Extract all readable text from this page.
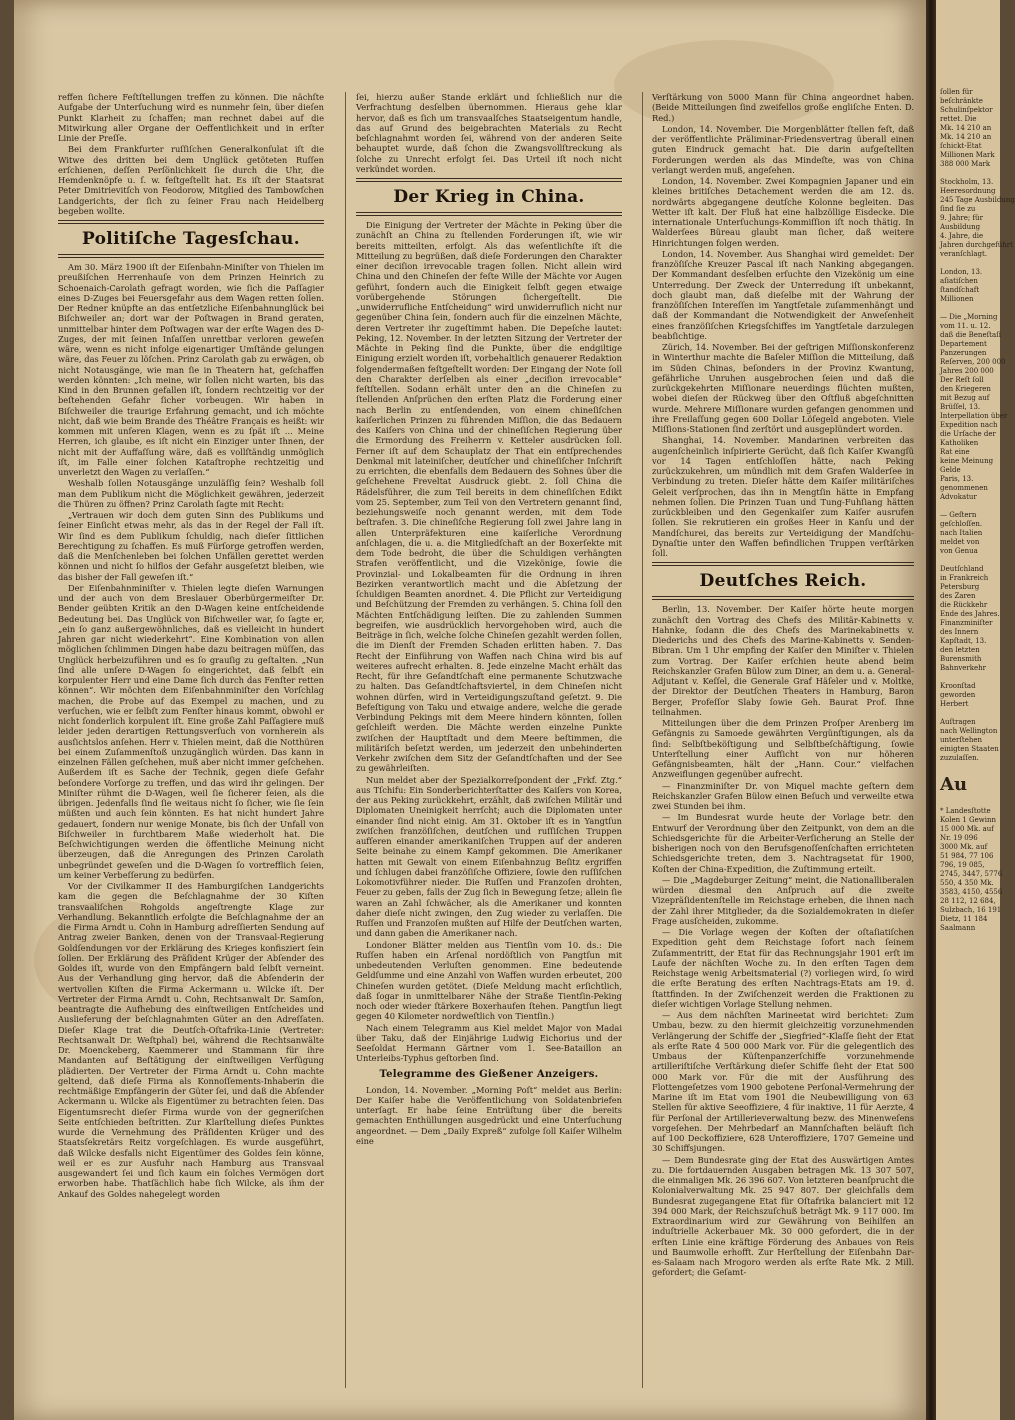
reffen ſichere Feſtſtellungen treffen zu können. Die nächſte Aufgabe der Unterſuchung wird es nunmehr ſein, über dieſen Punkt Klarheit zu ſchaffen; man rechnet dabei auf die Mitwirkung aller Organe der Oeffentlichkeit und in erſter Linie der Preſſe.

Bei dem Frankfurter ruſſiſchen Generalkonſulat iſt die Witwe des dritten bei dem Unglück getöteten Ruſſen erſchienen, deſſen Perſönlichkeit ſie durch die Uhr, die Hemdenknöpfe u. ſ. w. feſtgeſtellt hat. Es iſt der Staatsrat Peter Dmitrievitſch von Feodorow, Mitglied des Tambowſchen Landgerichts, der ſich zu ſeiner Frau nach Heidelberg begeben wollte.

Politiſche Tagesſchau.

Am 30. März 1900 iſt der Eiſenbahn-Miniſter von Thielen im preußiſchen Herrenhauſe von dem Prinzen Heinrich zu Schoenaich-Carolath gefragt worden, wie ſich die Paſſagier eines D-Zuges bei Feuersgefahr aus dem Wagen retten ſollen. Der Redner knüpfte an das entſetzliche Eiſenbahnunglück bei Biſchweiler an; dort war der Poſtwagen in Brand geraten, unmittelbar hinter dem Poſtwagen war der erſte Wagen des D-Zuges, der mit ſeinen Inſaſſen unrettbar verloren geweſen wäre, wenn es nicht infolge eigenartiger Umſtände gelungen wäre, das Feuer zu löſchen. Prinz Carolath gab zu erwägen, ob nicht Notausgänge, wie man ſie in Theatern hat, geſchaffen werden könnten: „Ich meine, wir ſollen nicht warten, bis das Kind in den Brunnen gefallen iſt, ſondern rechtzeitig vor der beſtehenden Gefahr ſicher vorbeugen. Wir haben in Biſchweiler die traurige Erfahrung gemacht, und ich möchte nicht, daß wie beim Brande des Théâtre Français es heißt: wir kommen mit unſeren Klagen, wenn es zu ſpät iſt ... Meine Herren, ich glaube, es iſt nicht ein Einziger unter Ihnen, der nicht mit der Auffaſſung wäre, daß es vollſtändig unmöglich iſt, im Falle einer ſolchen Kataſtrophe rechtzeitig und unverletzt den Wagen zu verlaſſen.“

Weshalb ſollen Notausgänge unzuläſſig ſein? Weshalb ſoll man dem Publikum nicht die Möglichkeit gewähren, jederzeit die Thüren zu öffnen? Prinz Carolath ſagte mit Recht:

„Vertrauen wir doch dem guten Sinn des Publikums und ſeiner Einſicht etwas mehr, als das in der Regel der Fall iſt. Wir ſind es dem Publikum ſchuldig, nach dieſer ſittlichen Berechtigung zu ſchaffen. Es muß Fürſorge getroffen werden, daß die Menſchenleben bei ſolchen Unfällen gerettet werden können und nicht ſo hilflos der Gefahr ausgeſetzt bleiben, wie das bisher der Fall geweſen iſt.“

Der Eiſenbahnminiſter v. Thielen legte dieſen Warnungen und der auch von dem Breslauer Oberbürgermeiſter Dr. Bender geübten Kritik an den D-Wagen keine entſcheidende Bedeutung bei. Das Unglück von Biſchweiler war, ſo ſagte er, „ein ſo ganz außergewöhnliches, daß es vielleicht in hundert Jahren gar nicht wiederkehrt“. Eine Kombination von allen möglichen ſchlimmen Dingen habe dazu beitragen müſſen, das Unglück herbeizuführen und es ſo grauſig zu geſtalten. „Nun ſind alle unſere D-Wagen ſo eingerichtet, daß ſelbſt ein korpulenter Herr und eine Dame ſich durch das Fenſter retten können“. Wir möchten dem Eiſenbahnminiſter den Vorſchlag machen, die Probe auf das Exempel zu machen, und zu verſuchen, wie er ſelbſt zum Fenſter hinaus kommt, obwohl er nicht ſonderlich korpulent iſt. Eine große Zahl Paſſagiere muß leider jeden derartigen Rettungsverſuch von vornherein als ausſichtslos anſehen. Herr v. Thielen meint, daß die Notthüren bei einem Zuſammenſtoß unzugänglich würden. Das kann in einzelnen Fällen geſchehen, muß aber nicht immer geſchehen. Außerdem iſt es Sache der Technik, gegen dieſe Gefahr beſondere Vorſorge zu treffen, und das wird ihr gelingen. Der Miniſter rühmt die D-Wagen, weil ſie ſicherer ſeien, als die übrigen. Jedenfalls ſind ſie weitaus nicht ſo ſicher, wie ſie ſein müßten und auch ſein könnten. Es hat nicht hundert Jahre gedauert, ſondern nur wenige Monate, bis ſich der Unfall von Biſchweiler in furchtbarem Maße wiederholt hat. Die Beſchwichtigungen werden die öffentliche Meinung nicht überzeugen, daß die Anregungen des Prinzen Carolath unbegründet geweſen und die D-Wagen ſo vortrefflich ſeien, um keiner Verbeſſerung zu bedürfen.

Vor der Civilkammer II des Hamburgiſchen Landgerichts kam die gegen die Beſchlagnahme der 30 Kiſten transvaaliſchen Rohgolds angeſtrengte Klage zur Verhandlung. Bekanntlich erfolgte die Beſchlagnahme der an die Firma Arndt u. Cohn in Hamburg adreſſierten Sendung auf Antrag zweier Banken, denen von der Transvaal-Regierung Goldſendungen vor der Erklärung des Krieges konfisziert ſein ſollen. Der Erklärung des Präſident Krüger der Abſender des Goldes iſt, wurde von den Empfängern bald ſelbſt verneint. Aus der Verhandlung ging hervor, daß die Abſenderin der wertvollen Kiſten die Firma Ackermann u. Wilcke iſt. Der Vertreter der Firma Arndt u. Cohn, Rechtsanwalt Dr. Samſon, beantragte die Aufhebung des einſtweiligen Entſcheides und Auslieferung der beſchlagnahmten Güter an den Adreſſaten. Dieſer Klage trat die Deutſch-Oſtafrika-Linie (Vertreter: Rechtsanwalt Dr. Weſtphal) bei, während die Rechtsanwälte Dr. Moenckeberg, Kaemmerer und Stammann für ihre Mandanten auf Beſtätigung der einſtweiligen Verfügung plädierten. Der Vertreter der Firma Arndt u. Cohn machte geltend, daß dieſe Firma als Konnoſſements-Inhaberin die rechtmäßige Empfängerin der Güter ſei, und daß die Abſender Ackermann u. Wilcke als Eigentümer zu betrachten ſeien. Das Eigentumsrecht dieſer Firma wurde von der gegneriſchen Seite entſchieden beſtritten. Zur Klarſtellung dieſes Punktes wurde die Vernehmung des Präſidenten Krüger und des Staatsſekretärs Reitz vorgeſchlagen. Es wurde ausgeführt, daß Wilcke desfalls nicht Eigentümer des Goldes ſein könne, weil er es zur Ausfuhr nach Hamburg aus Transvaal ausgewandert ſei und ſich kaum ein ſolches Vermögen dort erworben habe. Thatſächlich habe ſich Wilcke, als ihm der Ankauf des Goldes nahegelegt worden

ſei, hierzu außer Stande erklärt und ſchließlich nur die Verfrachtung desſelben übernommen. Hieraus gehe klar hervor, daß es ſich um transvaalſches Staatseigentum handle, das auf Grund des beigebrachten Materials zu Recht beſchlagnahmt worden ſei, während von der anderen Seite behauptet wurde, daß ſchon die Zwangsvollſtreckung als ſolche zu Unrecht erfolgt ſei. Das Urteil iſt noch nicht verkündet worden.

Der Krieg in China.

Die Einigung der Vertreter der Mächte in Peking über die zunächſt an China zu ſtellenden Forderungen iſt, wie wir bereits mitteilten, erfolgt. Als das weſentlichſte iſt die Mitteilung zu begrüßen, daß dieſe Forderungen den Charakter einer deciſion irrevocable tragen ſollen. Nicht allein wird China und den Chineſen der feſte Wille der Mächte vor Augen geführt, ſondern auch die Einigkeit ſelbſt gegen etwaige vorübergehende Störungen ſichergeſtellt. Die „unwiderrufliche Entſcheidung“ wird unwiderruflich nicht nur gegenüber China ſein, ſondern auch für die einzelnen Mächte, deren Vertreter ihr zugeſtimmt haben. Die Depeſche lautet: Peking, 12. November. In der letzten Sitzung der Vertreter der Mächte in Peking ſind die Punkte, über die endgiltige Einigung erzielt worden iſt, vorbehaltlich genauerer Redaktion folgendermaßen feſtgeſtellt worden: Der Eingang der Note ſoll den Charakter derſelben als einer „deciſion irrevocable“ feſtſtellen. Sodann erhält unter den an die Chineſen zu ſtellenden Anſprüchen den erſten Platz die Forderung einer nach Berlin zu entſendenden, von einem chineſiſchen kaiſerlichen Prinzen zu führenden Miſſion, die das Bedauern des Kaiſers von China und der chineſiſchen Regierung über die Ermordung des Freiherrn v. Ketteler ausdrücken ſoll. Ferner iſt auf dem Schauplatz der That ein entſprechendes Denkmal mit lateiniſcher, deutſcher und chineſiſcher Inſchrift zu errichten, die ebenfalls dem Bedauern des Sohnes über die geſchehene Freveltat Ausdruck giebt. 2. ſoll China die Rädelsführer, die zum Teil bereits in dem chineſiſchen Edikt vom 25. September, zum Teil von den Vertretern genannt ſind, beziehungsweiſe noch genannt werden, mit dem Tode beſtrafen. 3. Die chineſiſche Regierung ſoll zwei Jahre lang in allen Unterpräfekturen eine kaiſerliche Verordnung anſchlagen, die u. a. die Mitgliedſchaft an der Boxerſekte mit dem Tode bedroht, die über die Schuldigen verhängten Strafen veröffentlicht, und die Vizekönige, ſowie die Provinzial- und Lokalbeamten für die Ordnung in ihren Bezirken verantwortlich macht und die Abſetzung der ſchuldigen Beamten anordnet. 4. Die Pflicht zur Verteidigung und Beſchützung der Fremden zu verhängen. 5. China ſoll den Mächten Entſchädigung leiſten. Die zu zahlenden Summen begreifen, wie ausdrücklich hervorgehoben wird, auch die Beiträge in ſich, welche ſolche Chineſen gezahlt werden ſollen, die im Dienſt der Fremden Schaden erlitten haben. 7. Das Recht der Einführung von Waffen nach China wird bis auf weiteres aufrecht erhalten. 8. Jede einzelne Macht erhält das Recht, für ihre Geſandtſchaft eine permanente Schutzwache zu halten. Das Geſandtſchaftsviertel, in dem Chineſen nicht wohnen dürfen, wird in Verteidigungszuſtand geſetzt. 9. Die Befeſtigung von Taku und etwaige andere, welche die gerade Verbindung Pekings mit dem Meere hindern könnten, ſollen geſchleift werden. Die Mächte werden einzelne Punkte zwiſchen der Hauptſtadt und dem Meere beſtimmen, die militäriſch beſetzt werden, um jederzeit den unbehinderten Verkehr zwiſchen dem Sitz der Geſandtſchaften und der See zu gewährleiſten.

Nun meldet aber der Spezialkorreſpondent der „Frkf. Ztg.“ aus Tſchifu: Ein Sonderberichterſtatter des Kaiſers von Korea, der aus Peking zurückkehrt, erzählt, daß zwiſchen Militär und Diplomaten Uneinigkeit herrſcht; auch die Diplomaten unter einander ſind nicht einig. Am 31. Oktober iſt es in Yangtſun zwiſchen franzöſiſchen, deutſchen und ruſſiſchen Truppen aufſeren einander amerikaniſchen Truppen auf der anderen Seite beinahe zu einem Kampf gekommen. Die Amerikaner hatten mit Gewalt von einem Eiſenbahnzug Beſitz ergriffen und ſchlugen dabei franzöſiſche Offiziere, ſowie den ruſſiſchen Lokomotivführer nieder. Die Ruſſen und Franzoſen drohten, Feuer zu geben, falls der Zug ſich in Bewegung ſetze; allein ſie waren an Zahl ſchwächer, als die Amerikaner und konnten daher dieſe nicht zwingen, den Zug wieder zu verlaſſen. Die Ruſſen und Franzoſen mußten auf Hilfe der Deutſchen warten, und dann gaben die Amerikaner nach.

Londoner Blätter melden aus Tientſin vom 10. ds.: Die Ruſſen haben ein Arſenal nordöſtlich von Pangtſun mit unbedeutenden Verluſten genommen. Eine bedeutende Geldſumme und eine Anzahl von Waffen wurden erbeutet, 200 Chineſen wurden getötet. (Dieſe Meldung macht erſichtlich, daß ſogar in unmittelbarer Nähe der Straße Tientſin-Peking noch oder wieder ſtärkere Boxerhaufen ſtehen. Pangtſun liegt gegen 40 Kilometer nordweſtlich von Tientſin.)

Nach einem Telegramm aus Kiel meldet Major von Madai über Taku, daß der Einjährige Ludwig Eichorius und der Seeſoldat Hermann Gärtner vom 1. See-Bataillon an Unterleibs-Typhus geſtorben ſind.

Telegramme des Gießener Anzeigers.

London, 14. November. „Morning Poſt“ meldet aus Berlin: Der Kaiſer habe die Veröffentlichung von Soldatenbriefen unterſagt. Er habe ſeine Entrüſtung über die bereits gemachten Enthüllungen ausgedrückt und eine Unterſuchung angeordnet. — Dem „Daily Expreß“ zufolge ſoll Kaiſer Wilhelm eine

Verſtärkung von 5000 Mann für China angeordnet haben. (Beide Mitteilungen ſind zweifellos große engliſche Enten. D. Red.)

London, 14. November. Die Morgenblätter ſtellen feſt, daß der veröffentlichte Präliminar-Friedensvertrag überall einen guten Eindruck gemacht hat. Die darin aufgeſtellten Forderungen werden als das Mindeſte, was von China verlangt werden muß, angeſehen.

London, 14. November. Zwei Kompagnien Japaner und ein kleines britiſches Detachement werden die am 12. ds. nordwärts abgegangene deutſche Kolonne begleiten. Das Wetter iſt kalt. Der Fluß hat eine halbzöllige Eisdecke. Die internationale Unterſuchungs-Kommiſſion iſt noch thätig. In Walderſees Büreau glaubt man ſicher, daß weitere Hinrichtungen folgen werden.

London, 14. November. Aus Shanghai wird gemeldet: Der franzöſiſche Kreuzer Pascal iſt nach Nanking abgegangen. Der Kommandant desſelben erſuchte den Vizekönig um eine Unterredung. Der Zweck der Unterredung iſt unbekannt, doch glaubt man, daß dieſelbe mit der Wahrung der franzöſiſchen Intereſſen im Yangtſetale zuſammenhängt und daß der Kommandant die Notwendigkeit der Anweſenheit eines franzöſiſchen Kriegsſchiffes im Yangtſetale darzulegen beabſichtige.

Zürich, 14. November. Bei der geſtrigen Miſſionskonferenz in Winterthur machte die Baſeler Miſſion die Mitteilung, daß im Süden Chinas, beſonders in der Provinz Kwantung, gefährliche Unruhen ausgebrochen ſeien und daß die zurückgekehrten Miſſionare neuerdings flüchten mußten, wobei dieſen der Rückweg über den Oſtfluß abgeſchnitten wurde. Mehrere Miſſionare wurden gefangen genommen und ihre Freilaſſung gegen 600 Dollar Löſegeld angeboten. Viele Miſſions-Stationen ſind zerſtört und ausgeplündert worden.

Shanghai, 14. November. Mandarinen verbreiten das augenſcheinlich inſpirierte Gerücht, daß ſich Kaiſer Kwangſü vor 14 Tagen entſchloſſen hätte, nach Peking zurückzukehren, um mündlich mit dem Grafen Walderſee in Verbindung zu treten. Dieſer hätte dem Kaiſer militäriſches Geleit verſprochen, das ihn in Mengtſin hätte in Empfang nehmen ſollen. Die Prinzen Tuan und Tung-Fuhſiang hätten zurückbleiben und den Gegenkaiſer zum Kaiſer ausrufen ſollen. Sie rekrutieren ein großes Heer in Kanſu und der Mandſchurei, das bereits zur Verteidigung der Mandſchu-Dynaſtie unter den Waffen befindlichen Truppen verſtärken ſoll.

Deutſches Reich.

Berlin, 13. November. Der Kaiſer hörte heute morgen zunächſt den Vortrag des Chefs des Militär-Kabinetts v. Hahnke, ſodann die des Chefs des Marinekabinetts v. Diederichs und des Chefs des Marine-Kabinetts v. Senden-Bibran. Um 1 Uhr empfing der Kaiſer den Miniſter v. Thielen zum Vortrag. Der Kaiſer erſchien heute abend beim Reichskanzler Grafen Bülow zum Diner, an dem u. a. General-Adjutant v. Keſſel, die Generale Graf Häſeler und v. Moltke, der Direktor der Deutſchen Theaters in Hamburg, Baron Berger, Profeſſor Slaby ſowie Geh. Baurat Prof. Ihne teilnahmen.

Mitteilungen über die dem Prinzen Proſper Arenberg im Gefängnis zu Samoede gewährten Vergünſtigungen, als da ſind: Selbſtbeköſtigung und Selbſtbeſchäftigung, ſowie Unterſtellung einer Aufſicht von nur höheren Gefängnisbeamten, hält der „Hann. Cour.“ vielfachen Anzweiflungen gegenüber aufrecht.

— Finanzminiſter Dr. von Miquel machte geſtern dem Reichskanzler Grafen Bülow einen Beſuch und verweilte etwa zwei Stunden bei ihm.

— Im Bundesrat wurde heute der Vorlage betr. den Entwurf der Verordnung über den Zeitpunkt, von dem an die Schiedsgerichte für die Arbeiter-Verſicherung an Stelle der bisherigen noch von den Berufsgenoſſenſchaften errichteten Schiedsgerichte treten, dem 3. Nachtragsetat für 1900, Koſten der China-Expedition, die Zuſtimmung erteilt.

— Die „Magdeburger Zeitung“ meint, die Nationalliberalen würden diesmal den Anſpruch auf die zweite Vizepräſidentenſtelle im Reichstage erheben, die ihnen nach der Zahl ihrer Mitglieder, da die Sozialdemokraten in dieſer Frage ausſcheiden, zukomme.

— Die Vorlage wegen der Koſten der oſtaſiatiſchen Expedition geht dem Reichstage ſofort nach ſeinem Zuſammentritt, der Etat für das Rechnungsjahr 1901 erſt im Laufe der nächſten Woche zu. In den erſten Tagen dem Reichstage wenig Arbeitsmaterial (?) vorliegen wird, ſo wird die erſte Beratung des erſten Nachtrags-Etats am 19. d. ſtattfinden. In der Zwiſchenzeit werden die Fraktionen zu dieſer wichtigen Vorlage Stellung nehmen.

— Aus dem nächſten Marineetat wird berichtet: Zum Umbau, bezw. zu den hiermit gleichzeitig vorzunehmenden Verlängerung der Schiffe der „Siegfried“-Klaſſe ſieht der Etat als erſte Rate 4 500 000 Mark vor. Für die gelegentlich des Umbaus der Küſtenpanzerſchiffe vorzunehmende artilleriſtiſche Verſtärkung dieſer Schiffe ſieht der Etat 500 000 Mark vor. Für die mit der Ausführung des Flottengeſetzes vom 1900 gebotene Perſonal-Vermehrung der Marine iſt im Etat vom 1901 die Neubewilligung von 63 Stellen für aktive Seeoffiziere, 4 für inaktive, 11 für Aerzte, 4 für Perſonal der Artillerieverwaltung bezw. des Minenweſens vorgeſehen. Der Mehrbedarf an Mannſchaften beläuft ſich auf 100 Deckoffiziere, 628 Unteroffiziere, 1707 Gemeine und 30 Schiffsjungen.

— Dem Bundesrate ging der Etat des Auswärtigen Amtes zu. Die fortdauernden Ausgaben betragen Mk. 13 307 507, die einmaligen Mk. 26 396 607. Von letzteren beanſprucht die Kolonialverwaltung Mk. 25 947 807. Der gleichfalls dem Bundesrat zugegangene Etat für Oſtafrika balanciert mit 12 394 000 Mark, der Reichszuſchuß beträgt Mk. 9 117 000. Im Extraordinarium wird zur Gewährung von Beihilfen an induſtrielle Ackerbauer Mk. 30 000 gefordert, die in der erſten Linie eine kräftige Förderung des Anbaues von Reis und Baumwolle erhofft. Zur Herſtellung der Eiſenbahn Dar-es-Salaam nach Mrogoro werden als erſte Rate Mk. 2 Mill. gefordert; die Geſamt-

ſollen für
beſchränkte
Schulinſpektor
rettet. Die
Mk. 14 210 an
Mk. 14 210 an
ſchickt-Etat
Millionen Mark
388 000 Mark

Stockholm, 13.
Heeresordnung
245 Tage Ausbildung
ſind ſie zu
9. Jahre; für
Ausbildung
4. Jahre, die
Jahren durchgeführt
veranſchlagt.

London, 13.
aſiatiſchen
ſtandſchaft
Millionen

— Die „Morning
vom 11. u. 12.
daß die Beneſtaſi
Departement
Panzerungen
Reſerven, 200 000
Jahres 200 000
Der Reſt ſoll
den Kriegeren
mit Bezug auf
Brüſſel, 13.
Interpellation über
Expedition nach
die Urſache der
Katholiken
Rat eine
keine Meinung
Gelde
Paris, 13.
genommenen
Advokatur

— Geſtern
geſchloſſen.
nach Italien
meldet von
von Genua

Deutſchland
in Frankreich
Petersburg
des Zaren
die Rückkehr
Ende des Jahres.
Finanzminiſter
des Innern
Kapſtadt, 13.
den letzten
Burensmith
Bahnverkehr

Kroonſtad
geworden
Herbert

Auſtragen
nach Wellington
unterſtehen
einigten Staaten
zuzulaſſen.

Au

* Landesſtotte
Kolen 1 Gewinn
15 000 Mk. auf
Nr. 19 096
3000 Mk. auf
51 984, 77 106
796, 19 085,
2745, 3447, 5776
550, 4 350 Mk.
3583, 4150, 4556
28 112, 12 684,
Sulzbach, 16 191
Dietz, 11 184
Saalmann
